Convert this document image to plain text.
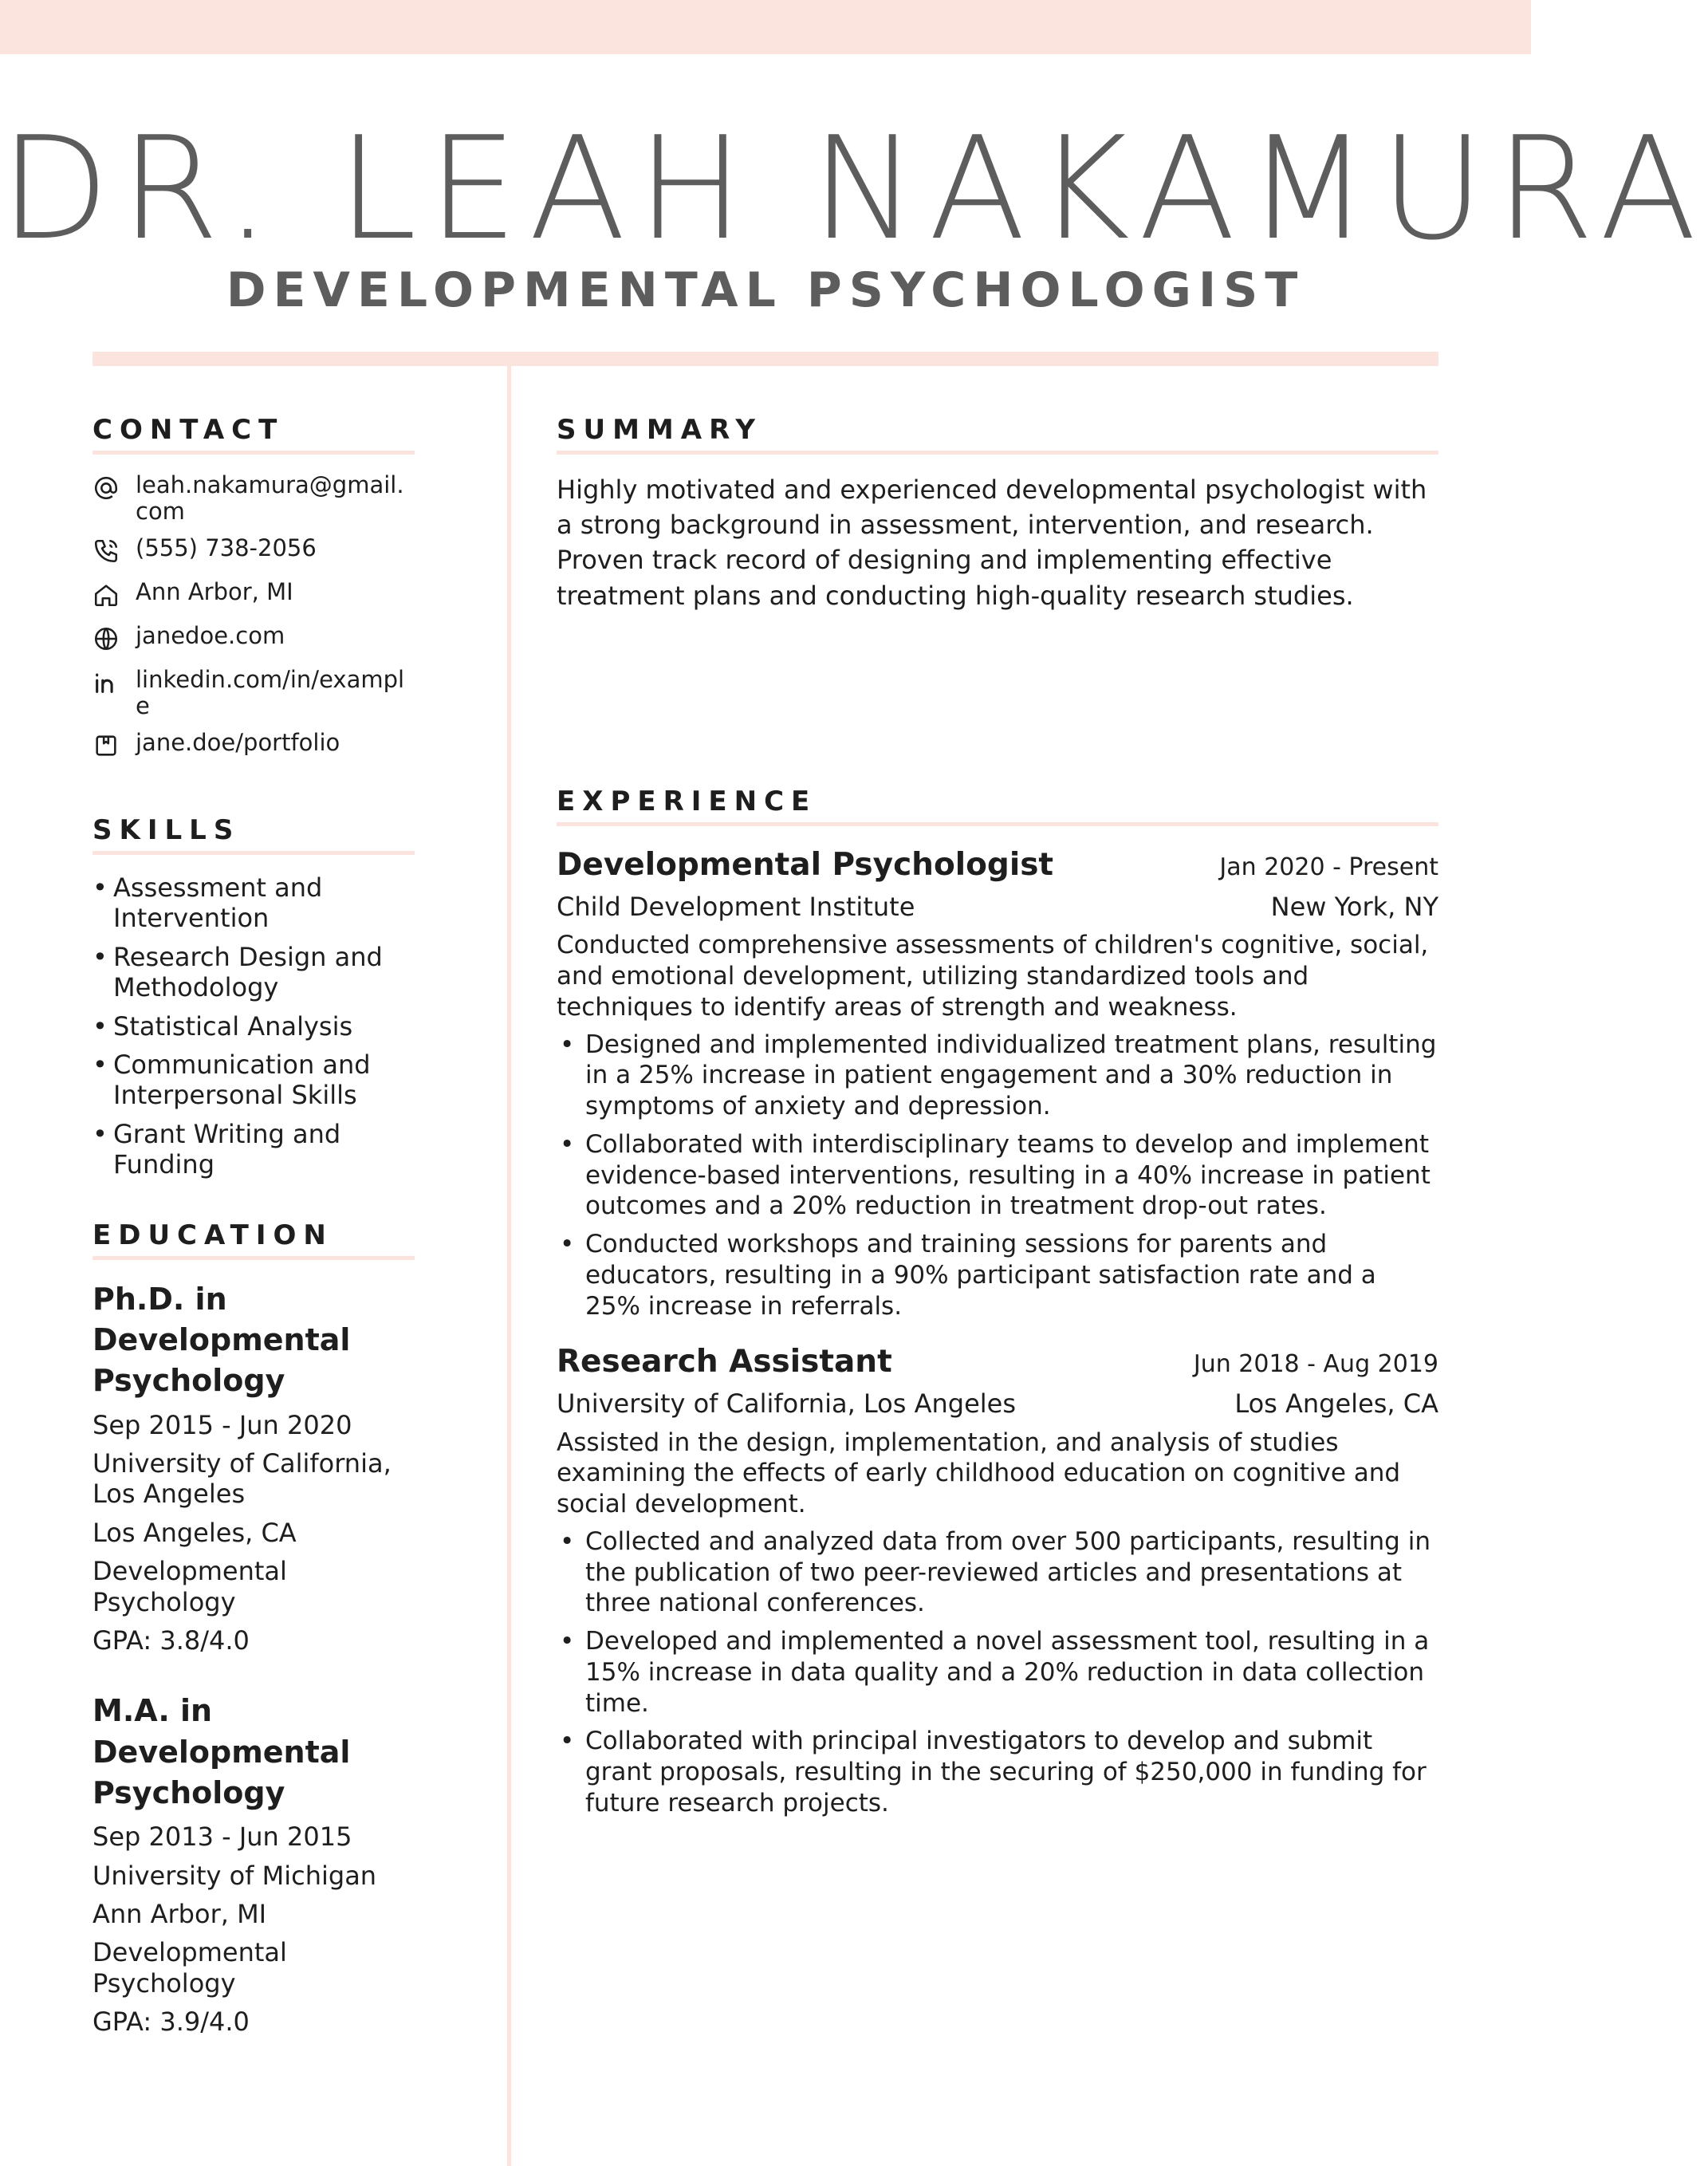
DR. LEAH NAKAMURA
DEVELOPMENTAL PSYCHOLOGIST
CONTACT
leah.nakamura@gmail.com
(555) 738-2056
Ann Arbor, MI
janedoe.com
linkedin.com/in/example
jane.doe/portfolio
SKILLS
• Assessment and Intervention
• Research Design and Methodology
• Statistical Analysis
• Communication and Interpersonal Skills
• Grant Writing and Funding
EDUCATION
Ph.D. in Developmental Psychology
Sep 2015 - Jun 2020
University of California, Los Angeles
Los Angeles, CA
Developmental Psychology
GPA: 3.8/4.0
M.A. in Developmental Psychology
Sep 2013 - Jun 2015
University of Michigan
Ann Arbor, MI
Developmental Psychology
GPA: 3.9/4.0
SUMMARY

Highly motivated and experienced developmental psychologist with a strong background in assessment, intervention, and research. Proven track record of designing and implementing effective treatment plans and conducting high-quality research studies.

EXPERIENCE
Developmental Psychologist	Jan 2020 - Present
Child Development Institute	New York, NY

Conducted comprehensive assessments of children's cognitive, social, and emotional development, utilizing standardized tools and techniques to identify areas of strength and weakness.

• Designed and implemented individualized treatment plans, resulting in a 25% increase in patient engagement and a 30% reduction in symptoms of anxiety and depression.
• Collaborated with interdisciplinary teams to develop and implement evidence-based interventions, resulting in a 40% increase in patient outcomes and a 20% reduction in treatment drop-out rates.
• Conducted workshops and training sessions for parents and educators, resulting in a 90% participant satisfaction rate and a 25% increase in referrals.
Research Assistant	Jun 2018 - Aug 2019
University of California, Los Angeles	Los Angeles, CA

Assisted in the design, implementation, and analysis of studies examining the effects of early childhood education on cognitive and social development.

• Collected and analyzed data from over 500 participants, resulting in the publication of two peer-reviewed articles and presentations at three national conferences.
• Developed and implemented a novel assessment tool, resulting in a 15% increase in data quality and a 20% reduction in data collection time.
• Collaborated with principal investigators to develop and submit grant proposals, resulting in the securing of $250,000 in funding for future research projects.
